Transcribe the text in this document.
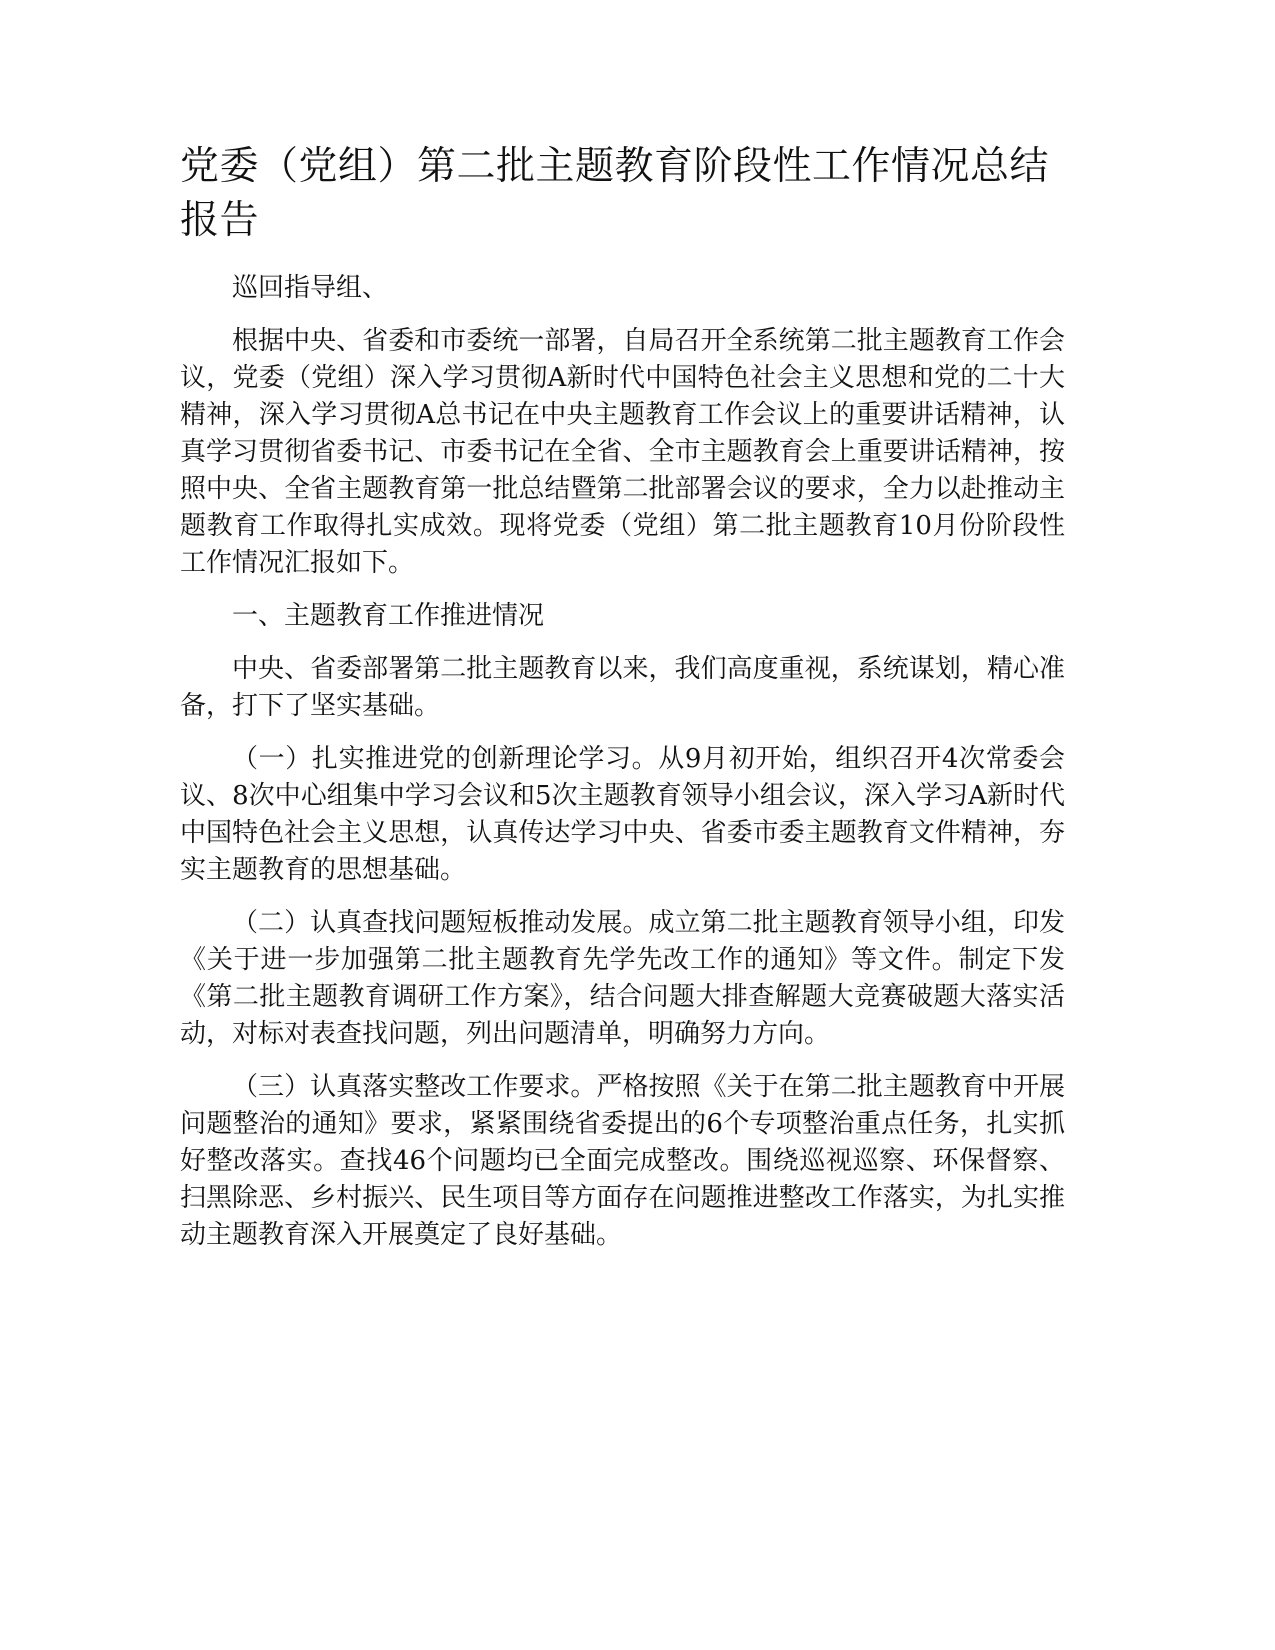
党委（党组）第二批主题教育阶段性工作情况总结报告

巡回指导组、

根据中央、省委和市委统一部署，自局召开全系统第二批主题教育工作会议，党委（党组）深入学习贯彻A新时代中国特色社会主义思想和党的二十大精神，深入学习贯彻A总书记在中央主题教育工作会议上的重要讲话精神，认真学习贯彻省委书记、市委书记在全省、全市主题教育会上重要讲话精神，按照中央、全省主题教育第一批总结暨第二批部署会议的要求，全力以赴推动主题教育工作取得扎实成效。现将党委（党组）第二批主题教育10月份阶段性工作情况汇报如下。

一、主题教育工作推进情况

中央、省委部署第二批主题教育以来，我们高度重视，系统谋划，精心准备，打下了坚实基础。

（一）扎实推进党的创新理论学习。从9月初开始，组织召开4次常委会议、8次中心组集中学习会议和5次主题教育领导小组会议，深入学习A新时代中国特色社会主义思想，认真传达学习中央、省委市委主题教育文件精神，夯实主题教育的思想基础。

（二）认真查找问题短板推动发展。成立第二批主题教育领导小组，印发《关于进一步加强第二批主题教育先学先改工作的通知》等文件。制定下发《第二批主题教育调研工作方案》，结合问题大排查解题大竞赛破题大落实活动，对标对表查找问题，列出问题清单，明确努力方向。

（三）认真落实整改工作要求。严格按照《关于在第二批主题教育中开展问题整治的通知》要求，紧紧围绕省委提出的6个专项整治重点任务，扎实抓好整改落实。查找46个问题均已全面完成整改。围绕巡视巡察、环保督察、扫黑除恶、乡村振兴、民生项目等方面存在问题推进整改工作落实，为扎实推动主题教育深入开展奠定了良好基础。
